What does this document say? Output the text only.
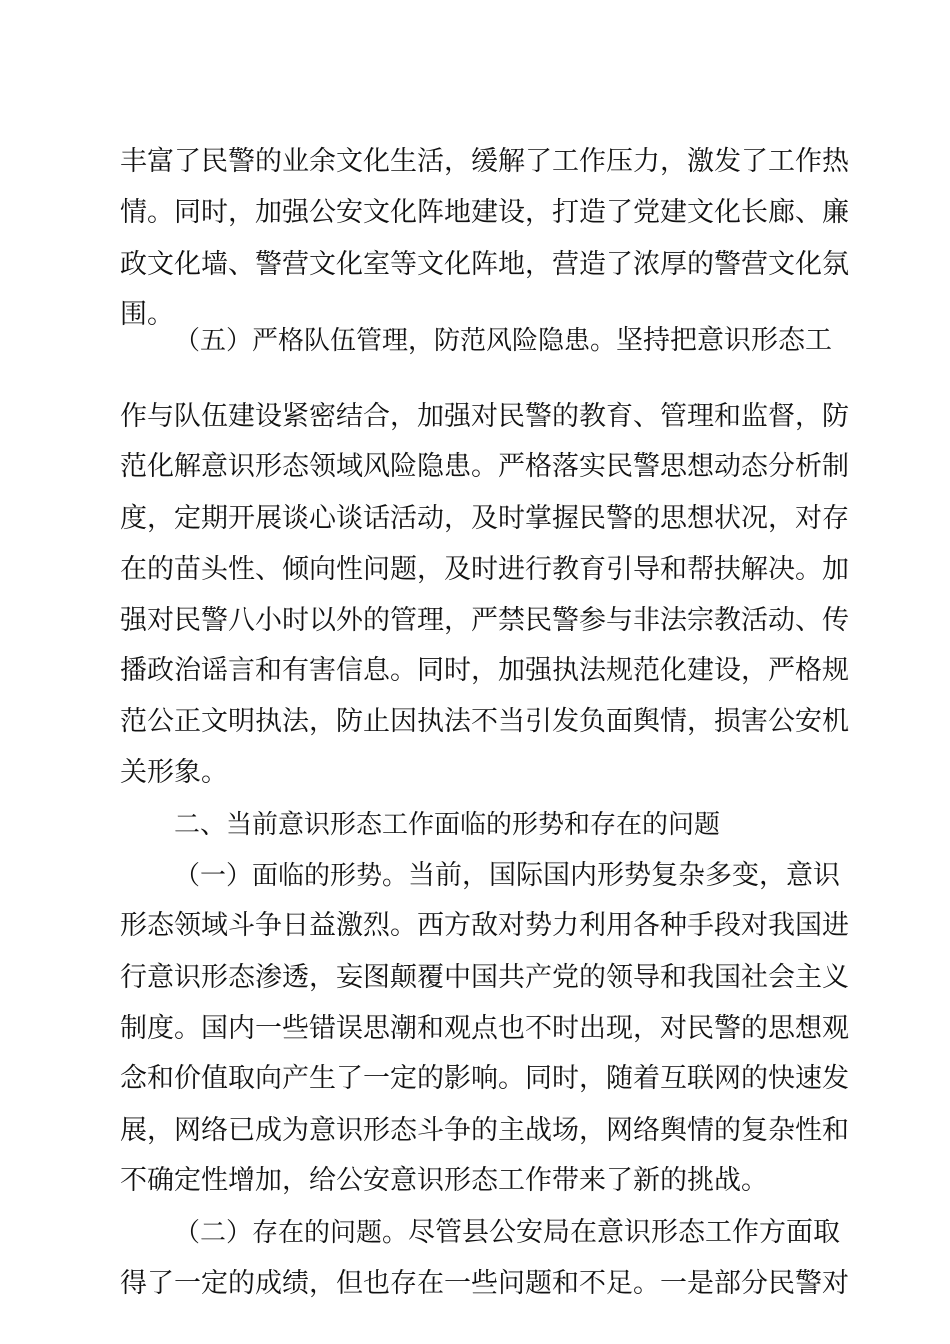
丰富了民警的业余文化生活，缓解了工作压力，激发了工作热
情。同时，加强公安文化阵地建设，打造了党建文化长廊、廉
政文化墙、警营文化室等文化阵地，营造了浓厚的警营文化氛
围。
（五）严格队伍管理，防范风险隐患。坚持把意识形态工
作与队伍建设紧密结合，加强对民警的教育、管理和监督，防
范化解意识形态领域风险隐患。严格落实民警思想动态分析制
度，定期开展谈心谈话活动，及时掌握民警的思想状况，对存
在的苗头性、倾向性问题，及时进行教育引导和帮扶解决。加
强对民警八小时以外的管理，严禁民警参与非法宗教活动、传
播政治谣言和有害信息。同时，加强执法规范化建设，严格规
范公正文明执法，防止因执法不当引发负面舆情，损害公安机
关形象。
二、当前意识形态工作面临的形势和存在的问题
（一）面临的形势。当前，国际国内形势复杂多变，意识
形态领域斗争日益激烈。西方敌对势力利用各种手段对我国进
行意识形态渗透，妄图颠覆中国共产党的领导和我国社会主义
制度。国内一些错误思潮和观点也不时出现，对民警的思想观
念和价值取向产生了一定的影响。同时，随着互联网的快速发
展，网络已成为意识形态斗争的主战场，网络舆情的复杂性和
不确定性增加，给公安意识形态工作带来了新的挑战。
（二）存在的问题。尽管县公安局在意识形态工作方面取
得了一定的成绩，但也存在一些问题和不足。一是部分民警对
